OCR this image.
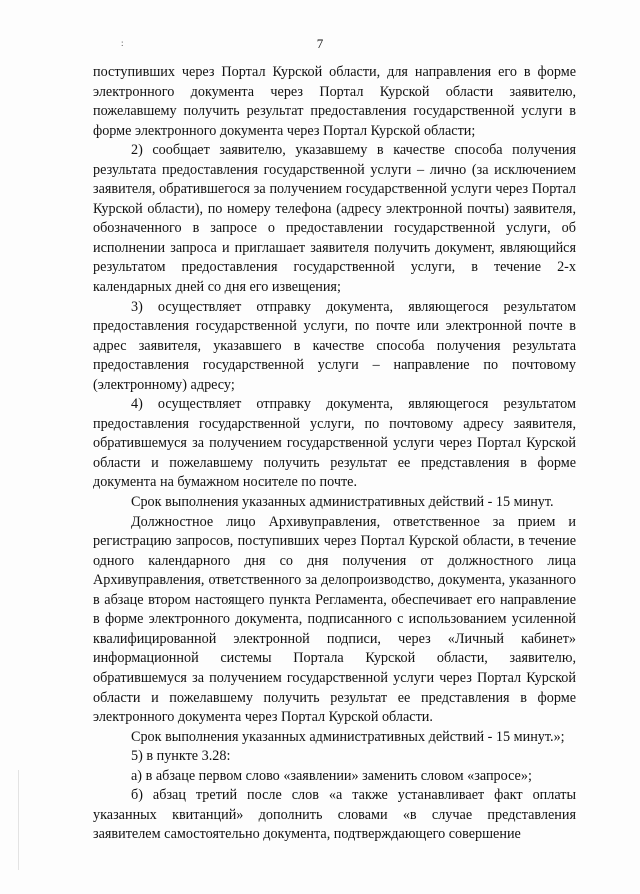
7
:

поступивших через Портал Курской области, для направления его в форме электронного документа через Портал Курской области заявителю, пожелавшему получить результат предоставления государственной услуги в форме электронного документа через Портал Курской области;

2) сообщает заявителю, указавшему в качестве способа получения результата предоставления государственной услуги – лично (за исключением заявителя, обратившегося за получением государственной услуги через Портал Курской области), по номеру телефона (адресу электронной почты) заявителя, обозначенного в запросе о предоставлении государственной услуги, об исполнении запроса и приглашает заявителя получить документ, являющийся результатом предоставления государственной услуги, в течение 2-х календарных дней со дня его извещения;

3) осуществляет отправку документа, являющегося результатом предоставления государственной услуги, по почте или электронной почте в адрес заявителя, указавшего в качестве способа получения результата предоставления государственной услуги – направление по почтовому (электронному) адресу;

4) осуществляет отправку документа, являющегося результатом предоставления государственной услуги, по почтовому адресу заявителя, обратившемуся за получением государственной услуги через Портал Курской области и пожелавшему получить результат ее представления в форме документа на бумажном носителе по почте.

Срок выполнения указанных административных действий - 15 минут.

Должностное лицо Архивуправления, ответственное за прием и регистрацию запросов, поступивших через Портал Курской области, в течение одного календарного дня со дня получения от должностного лица Архивуправления, ответственного за делопроизводство, документа, указанного в абзаце втором настоящего пункта Регламента, обеспечивает его направление в форме электронного документа, подписанного с использованием усиленной квалифицированной электронной подписи, через «Личный кабинет» информационной системы Портала Курской области, заявителю, обратившемуся за получением государственной услуги через Портал Курской области и пожелавшему получить результат ее представления в форме электронного документа через Портал Курской области.

Срок выполнения указанных административных действий - 15 минут.»;

5) в пункте 3.28:

а) в абзаце первом слово «заявлении» заменить словом «запросе»;

б) абзац третий после слов «а также устанавливает факт оплаты указанных квитанций» дополнить словами «в случае представления заявителем самостоятельно документа, подтверждающего совершение
